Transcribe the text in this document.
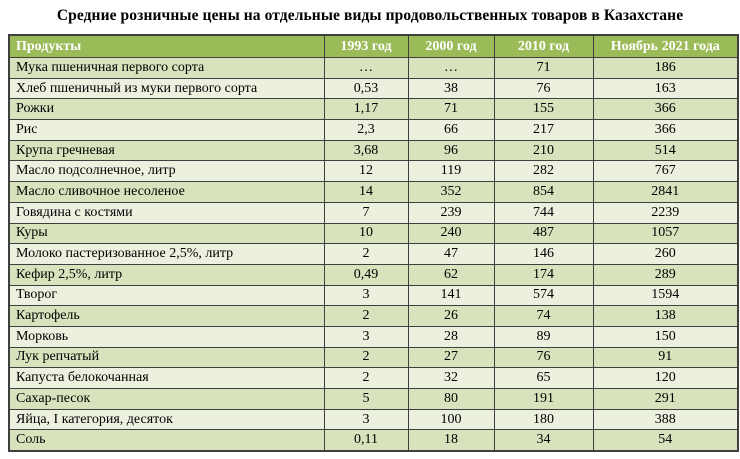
Средние розничные цены на отдельные виды продовольственных товаров в Казахстане
Продукты	1993 год	2000 год	2010 год	Ноябрь 2021 года
Мука пшеничная первого сорта	…	…	71	186
Хлеб пшеничный из муки первого сорта	0,53	38	76	163
Рожки	1,17	71	155	366
Рис	2,3	66	217	366
Крупа гречневая	3,68	96	210	514
Масло подсолнечное, литр	12	119	282	767
Масло сливочное несоленое	14	352	854	2841
Говядина с костями	7	239	744	2239
Куры	10	240	487	1057
Молоко пастеризованное 2,5%, литр	2	47	146	260
Кефир 2,5%, литр	0,49	62	174	289
Творог	3	141	574	1594
Картофель	2	26	74	138
Морковь	3	28	89	150
Лук репчатый	2	27	76	91
Капуста белокочанная	2	32	65	120
Сахар-песок	5	80	191	291
Яйца, I категория, десяток	3	100	180	388
Соль	0,11	18	34	54
